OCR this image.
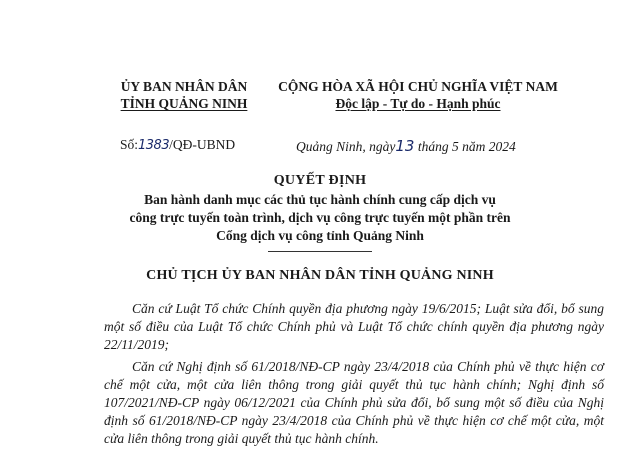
ỦY BAN NHÂN DÂN
TỈNH QUẢNG NINH
CỘNG HÒA XÃ HỘI CHỦ NGHĨA VIỆT NAM
Độc lập - Tự do - Hạnh phúc
Số:1383/QĐ-UBND	Quảng Ninh, ngày13 tháng 5 năm 2024
QUYẾT ĐỊNH
Ban hành danh mục các thủ tục hành chính cung cấp dịch vụ
công trực tuyến toàn trình, dịch vụ công trực tuyến một phần trên
Cổng dịch vụ công tỉnh Quảng Ninh
CHỦ TỊCH ỦY BAN NHÂN DÂN TỈNH QUẢNG NINH

Căn cứ Luật Tổ chức Chính quyền địa phương ngày 19/6/2015; Luật sửa đổi, bổ sung một số điều của Luật Tổ chức Chính phủ và Luật Tổ chức chính quyền địa phương ngày 22/11/2019;

Căn cứ Nghị định số 61/2018/NĐ-CP ngày 23/4/2018 của Chính phủ về thực hiện cơ chế một cửa, một cửa liên thông trong giải quyết thủ tục hành chính; Nghị định số 107/2021/NĐ-CP ngày 06/12/2021 của Chính phủ sửa đổi, bổ sung một số điều của Nghị định số 61/2018/NĐ-CP ngày 23/4/2018 của Chính phủ về thực hiện cơ chế một cửa, một cửa liên thông trong giải quyết thủ tục hành chính.
